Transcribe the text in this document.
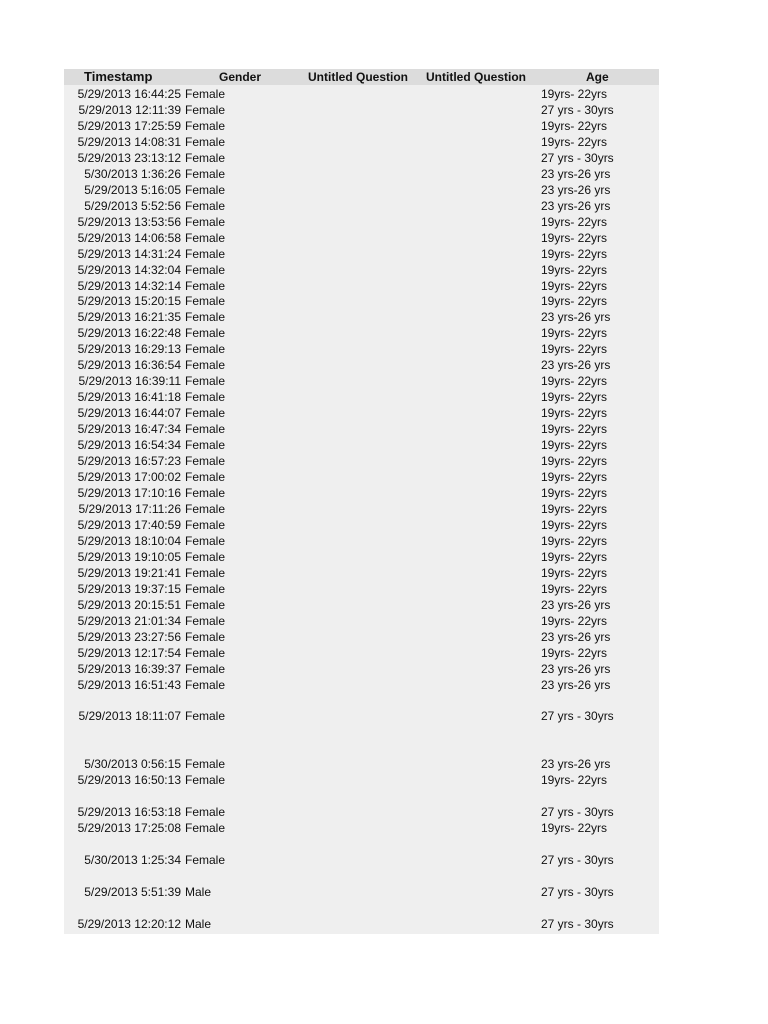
Timestamp	Gender	Untitled Question	Untitled Question	Age
5/29/2013 16:44:25 Female	19yrs- 22yrs
5/29/2013 12:11:39 Female	27 yrs - 30yrs
5/29/2013 17:25:59 Female	19yrs- 22yrs
5/29/2013 14:08:31 Female	19yrs- 22yrs
5/29/2013 23:13:12 Female	27 yrs - 30yrs
5/30/2013 1:36:26 Female	23 yrs-26 yrs
5/29/2013 5:16:05 Female	23 yrs-26 yrs
5/29/2013 5:52:56 Female	23 yrs-26 yrs
5/29/2013 13:53:56 Female	19yrs- 22yrs
5/29/2013 14:06:58 Female	19yrs- 22yrs
5/29/2013 14:31:24 Female	19yrs- 22yrs
5/29/2013 14:32:04 Female	19yrs- 22yrs
5/29/2013 14:32:14 Female	19yrs- 22yrs
5/29/2013 15:20:15 Female	19yrs- 22yrs
5/29/2013 16:21:35 Female	23 yrs-26 yrs
5/29/2013 16:22:48 Female	19yrs- 22yrs
5/29/2013 16:29:13 Female	19yrs- 22yrs
5/29/2013 16:36:54 Female	23 yrs-26 yrs
5/29/2013 16:39:11 Female	19yrs- 22yrs
5/29/2013 16:41:18 Female	19yrs- 22yrs
5/29/2013 16:44:07 Female	19yrs- 22yrs
5/29/2013 16:47:34 Female	19yrs- 22yrs
5/29/2013 16:54:34 Female	19yrs- 22yrs
5/29/2013 16:57:23 Female	19yrs- 22yrs
5/29/2013 17:00:02 Female	19yrs- 22yrs
5/29/2013 17:10:16 Female	19yrs- 22yrs
5/29/2013 17:11:26 Female	19yrs- 22yrs
5/29/2013 17:40:59 Female	19yrs- 22yrs
5/29/2013 18:10:04 Female	19yrs- 22yrs
5/29/2013 19:10:05 Female	19yrs- 22yrs
5/29/2013 19:21:41 Female	19yrs- 22yrs
5/29/2013 19:37:15 Female	19yrs- 22yrs
5/29/2013 20:15:51 Female	23 yrs-26 yrs
5/29/2013 21:01:34 Female	19yrs- 22yrs
5/29/2013 23:27:56 Female	23 yrs-26 yrs
5/29/2013 12:17:54 Female	19yrs- 22yrs
5/29/2013 16:39:37 Female	23 yrs-26 yrs
5/29/2013 16:51:43 Female	23 yrs-26 yrs
5/29/2013 18:11:07 Female	27 yrs - 30yrs
5/30/2013 0:56:15 Female	23 yrs-26 yrs
5/29/2013 16:50:13 Female	19yrs- 22yrs
5/29/2013 16:53:18 Female	27 yrs - 30yrs
5/29/2013 17:25:08 Female	19yrs- 22yrs
5/30/2013 1:25:34 Female	27 yrs - 30yrs
5/29/2013 5:51:39 Male	27 yrs - 30yrs
5/29/2013 12:20:12 Male	27 yrs - 30yrs
